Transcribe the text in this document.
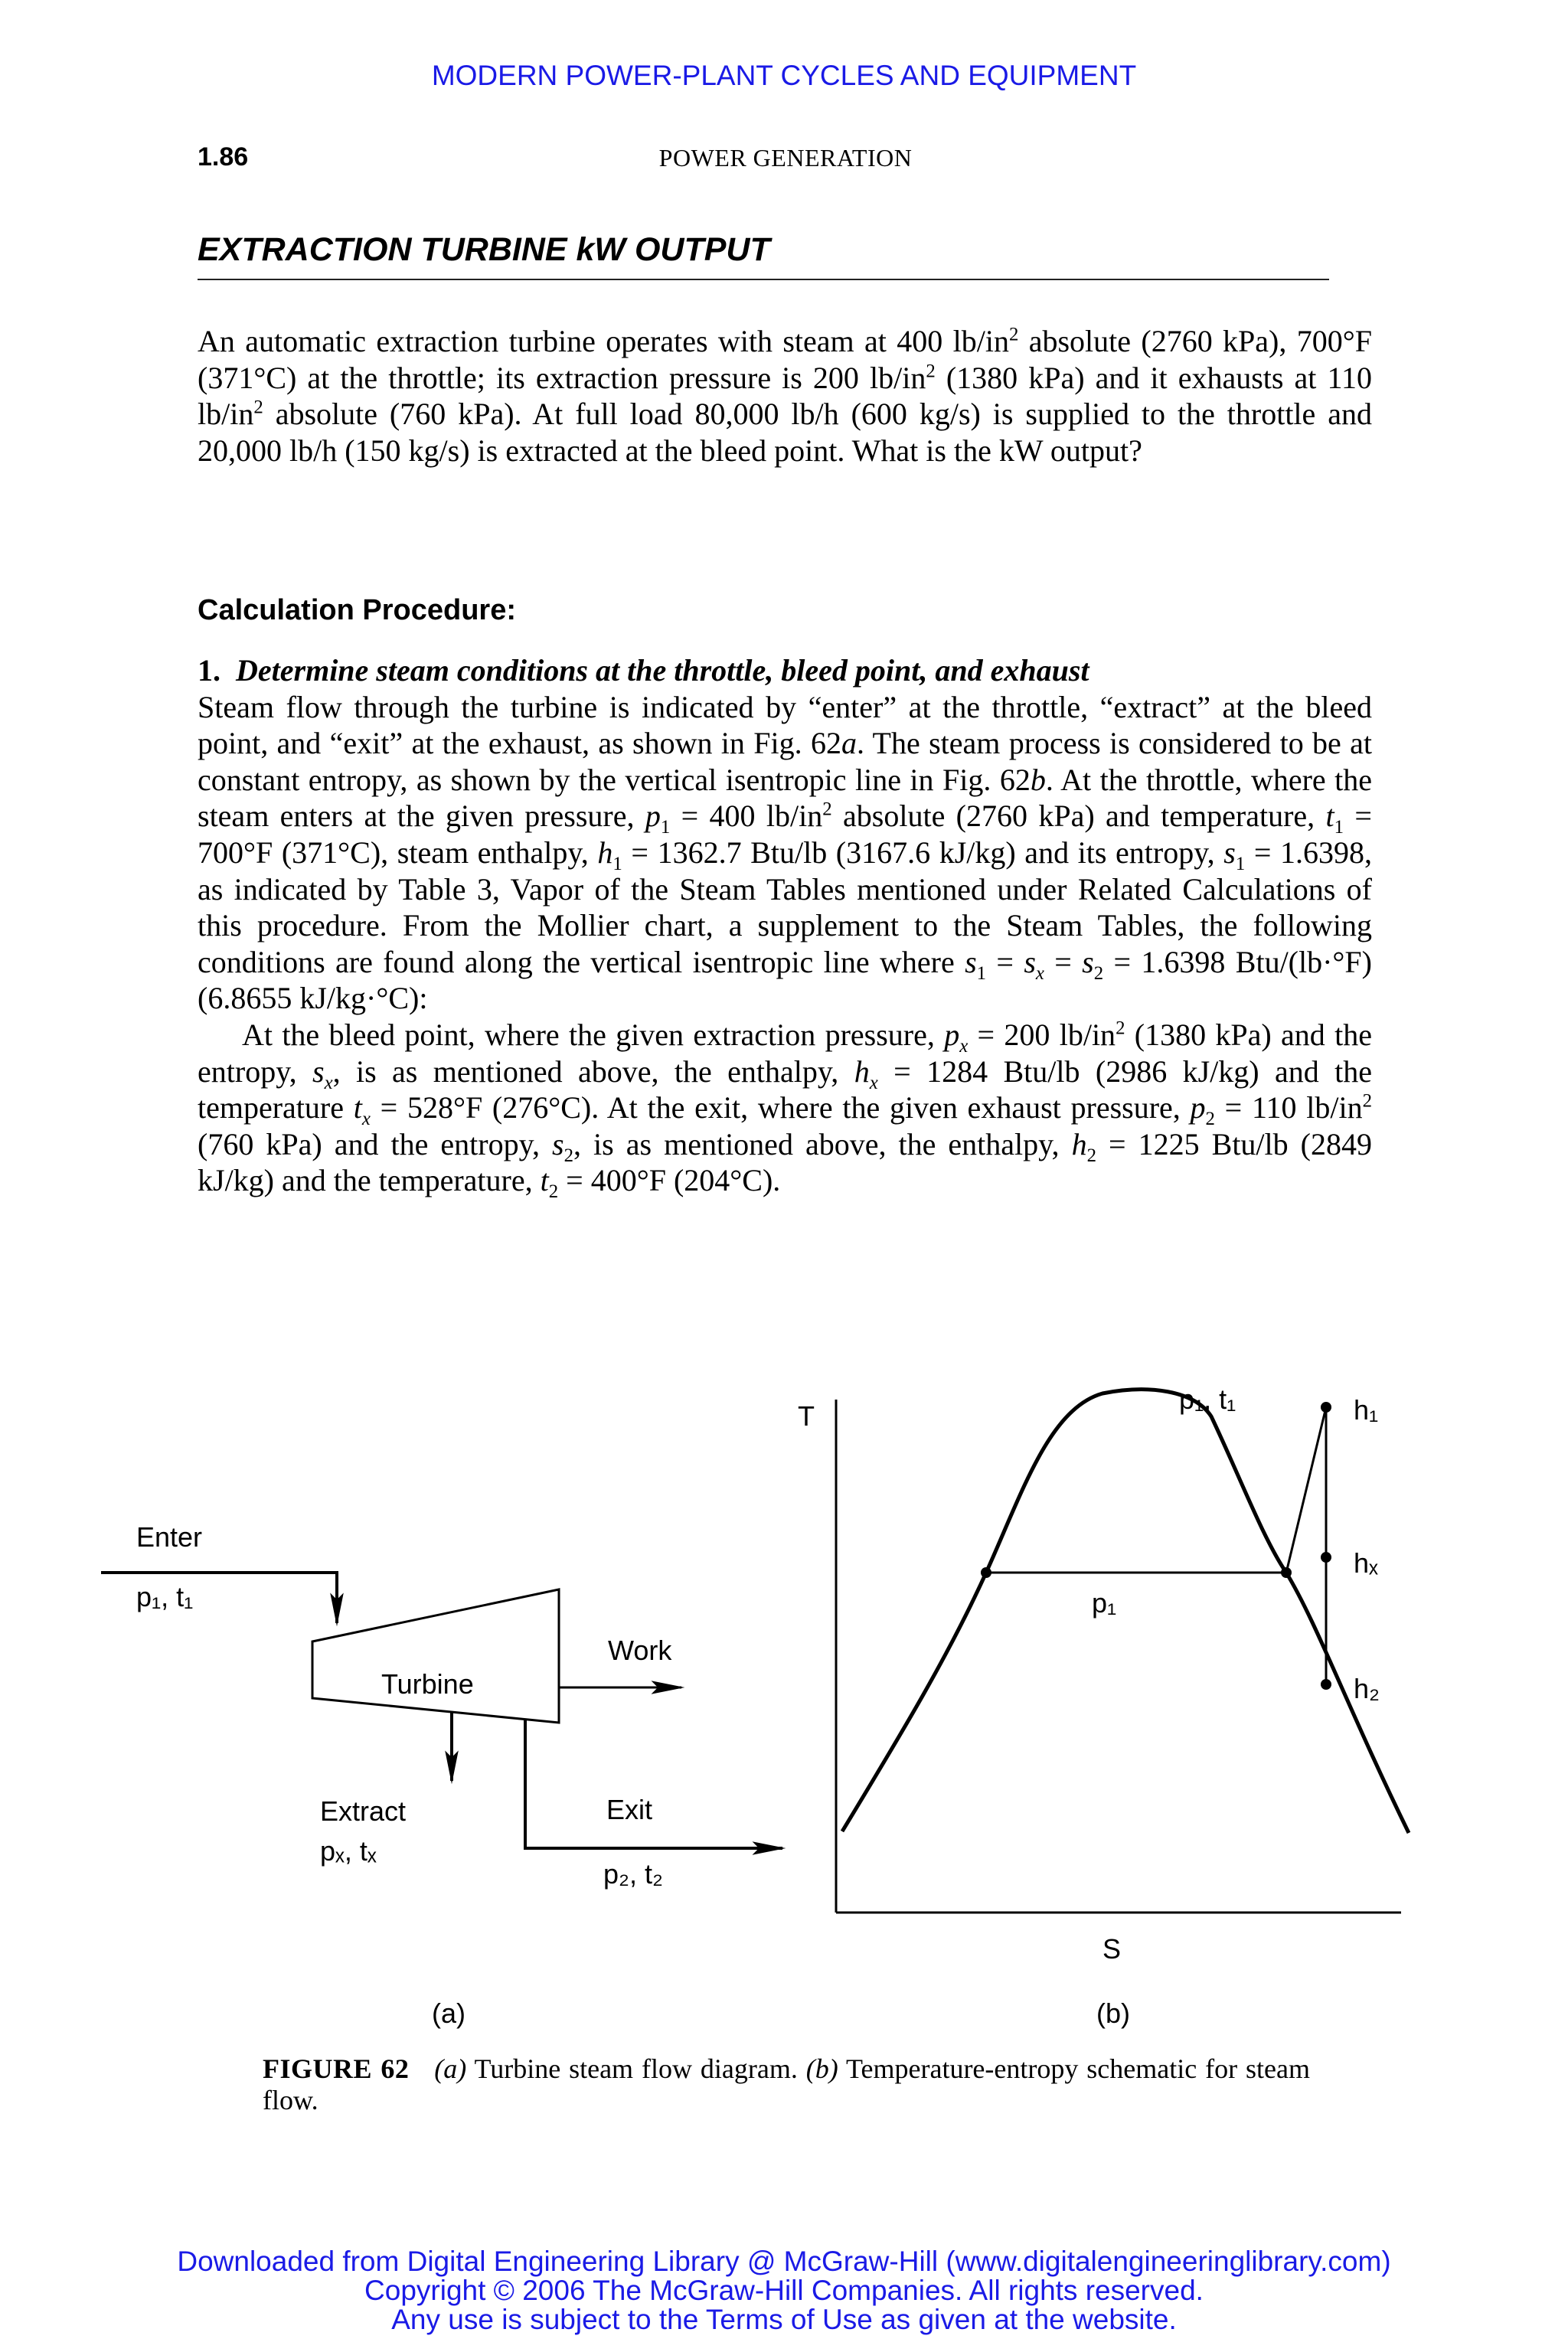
MODERN POWER-PLANT CYCLES AND EQUIPMENT
1.86	POWER GENERATION
EXTRACTION TURBINE kW OUTPUT
An automatic extraction turbine operates with steam at 400 $lb/in^2$ absolute (2760 kPa), 700°F (371°C) at the throttle; its extraction pressure is 200 $lb/in^2$ (1380 kPa) and it exhausts at 110 $lb/in^2$ absolute (760 kPa). At full load 80,000 lb/h (600 kg/s) is supplied to the throttle and 20,000 lb/h (150 kg/s) is extracted at the bleed point. What is the kW output?
Calculation Procedure:
1. Determine steam conditions at the throttle, bleed point, and exhaust
Steam flow through the turbine is indicated by “enter” at the throttle, “extract” at the bleed point, and “exit” at the exhaust, as shown in Fig. 62a. The steam process is considered to be at constant entropy, as shown by the vertical isentropic line in Fig. 62b. At the throttle, where the steam enters at the given pressure, $p_1 = 400$ $lb/in^2$ absolute (2760 kPa) and temperature, $t_1 = 700^\circ F$ (371°C), steam enthalpy, $h_1 = 1362.7$ Btu/lb (3167.6 kJ/kg) and its entropy, $s_1 = 1.6398$, as indicated by Table 3, Vapor of the Steam Tables mentioned under Related Calculations of this procedure. From the Mollier chart, a supplement to the Steam Tables, the following conditions are found along the vertical isentropic line where $s_1 = s_x = s_2 = 1.6398$ Btu/(lb·°F) (6.8655 kJ/kg·°C):
At the bleed point, where the given extraction pressure, $p_x = 200$ $lb/in^2$ (1380 kPa) and the entropy, $s_x$, is as mentioned above, the enthalpy, $h_x = 1284$ Btu/lb (2986 kJ/kg) and the temperature $t_x = 528^\circ F$ (276°C). At the exit, where the given exhaust pressure, $p_2 = 110$ $lb/in^2$ (760 kPa) and the entropy, $s_2$, is as mentioned above, the enthalpy, $h_2 = 1225$ Btu/lb (2849 kJ/kg) and the temperature, $t_2 = 400^\circ F$ (204°C).
Enter
p₁, t₁
Turbine
Work
Extract
pₓ, tₓ
Exit
p₂, t₂
(a)
T
S
p₁
p₁, t₁	h₁
hₓ
h₂
(b)
FIGURE 62 (a) Turbine steam flow diagram. (b) Temperature-entropy schematic for steam flow.
Downloaded from Digital Engineering Library @ McGraw-Hill (www.digitalengineeringlibrary.com)
Copyright © 2006 The McGraw-Hill Companies. All rights reserved.
Any use is subject to the Terms of Use as given at the website.
